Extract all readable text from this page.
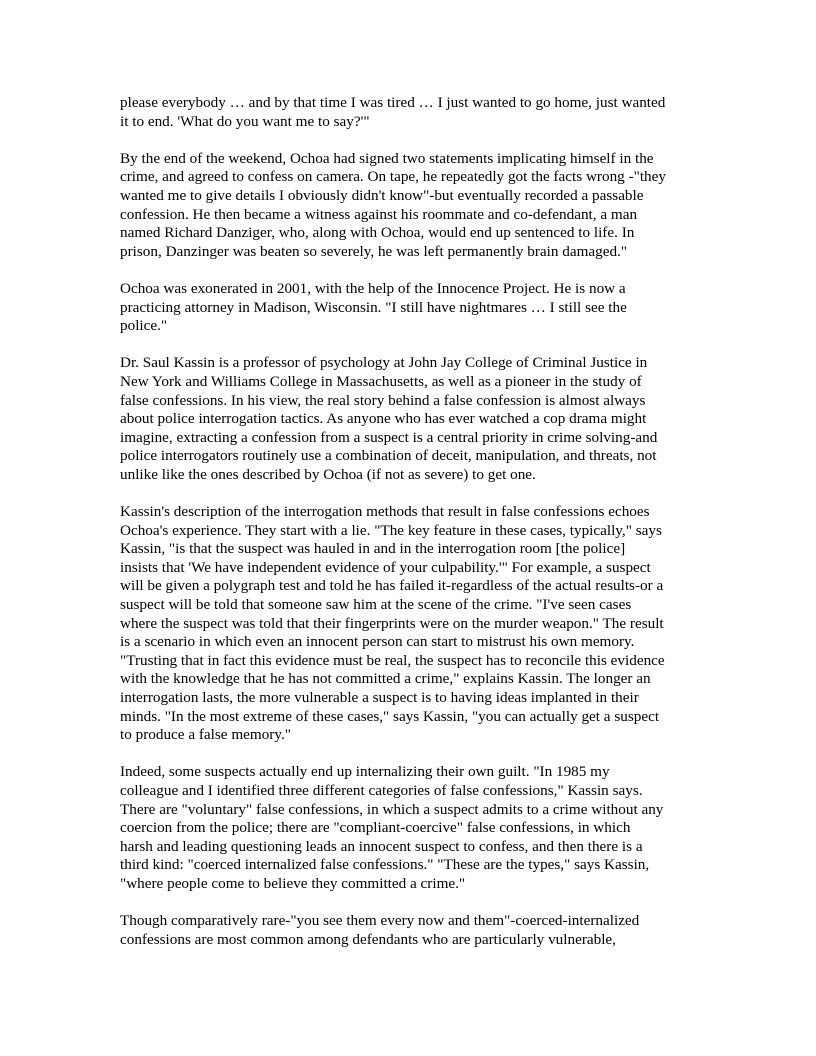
please everybody … and by that time I was tired … I just wanted to go home, just wanted
it to end. 'What do you want me to say?'"

By the end of the weekend, Ochoa had signed two statements implicating himself in the
crime, and agreed to confess on camera. On tape, he repeatedly got the facts wrong -"they
wanted me to give details I obviously didn't know"-but eventually recorded a passable
confession. He then became a witness against his roommate and co-defendant, a man
named Richard Danziger, who, along with Ochoa, would end up sentenced to life. In
prison, Danzinger was beaten so severely, he was left permanently brain damaged."

Ochoa was exonerated in 2001, with the help of the Innocence Project. He is now a
practicing attorney in Madison, Wisconsin. "I still have nightmares … I still see the
police."

Dr. Saul Kassin is a professor of psychology at John Jay College of Criminal Justice in
New York and Williams College in Massachusetts, as well as a pioneer in the study of
false confessions. In his view, the real story behind a false confession is almost always
about police interrogation tactics. As anyone who has ever watched a cop drama might
imagine, extracting a confession from a suspect is a central priority in crime solving-and
police interrogators routinely use a combination of deceit, manipulation, and threats, not
unlike like the ones described by Ochoa (if not as severe) to get one.

Kassin's description of the interrogation methods that result in false confessions echoes
Ochoa's experience. They start with a lie. "The key feature in these cases, typically," says
Kassin, "is that the suspect was hauled in and in the interrogation room [the police]
insists that 'We have independent evidence of your culpability.'" For example, a suspect
will be given a polygraph test and told he has failed it-regardless of the actual results-or a
suspect will be told that someone saw him at the scene of the crime. "I've seen cases
where the suspect was told that their fingerprints were on the murder weapon." The result
is a scenario in which even an innocent person can start to mistrust his own memory.
"Trusting that in fact this evidence must be real, the suspect has to reconcile this evidence
with the knowledge that he has not committed a crime," explains Kassin. The longer an
interrogation lasts, the more vulnerable a suspect is to having ideas implanted in their
minds. "In the most extreme of these cases," says Kassin, "you can actually get a suspect
to produce a false memory."

Indeed, some suspects actually end up internalizing their own guilt. "In 1985 my
colleague and I identified three different categories of false confessions," Kassin says.
There are "voluntary" false confessions, in which a suspect admits to a crime without any
coercion from the police; there are "compliant-coercive" false confessions, in which
harsh and leading questioning leads an innocent suspect to confess, and then there is a
third kind: "coerced internalized false confessions." "These are the types," says Kassin,
"where people come to believe they committed a crime."

Though comparatively rare-"you see them every now and them"-coerced-internalized
confessions are most common among defendants who are particularly vulnerable,
